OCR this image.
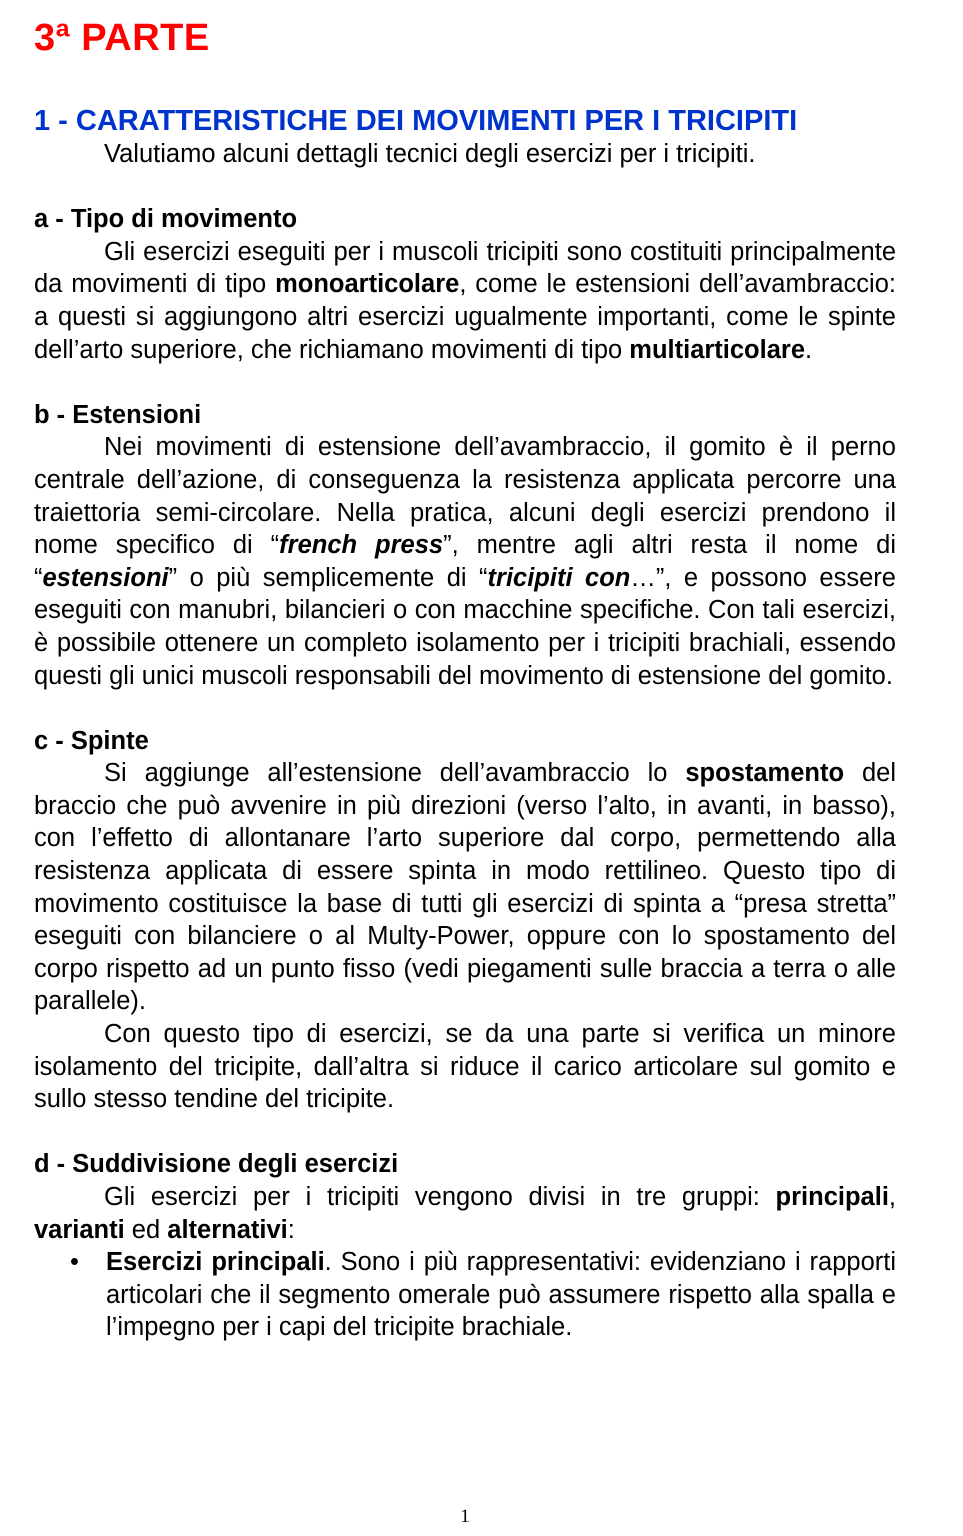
3ª PARTE
1 - CARATTERISTICHE DEI MOVIMENTI PER I TRICIPITI

Valutiamo alcuni dettagli tecnici degli esercizi per i tricipiti.

a - Tipo di movimento

Gli esercizi eseguiti per i muscoli tricipiti sono costituiti principalmente da movimenti di tipo monoarticolare, come le estensioni dell’avambraccio: a questi si aggiungono altri esercizi ugualmente importanti, come le spinte dell’arto superiore, che richiamano movimenti di tipo multiarticolare.

b - Estensioni

Nei movimenti di estensione dell’avambraccio, il gomito è il perno centrale dell’azione, di conseguenza la resistenza applicata percorre una traiettoria semi-circolare. Nella pratica, alcuni degli esercizi prendono il nome specifico di “french press”, mentre agli altri resta il nome di “estensioni” o più semplicemente di “tricipiti con…”, e possono essere eseguiti con manubri, bilancieri o con macchine specifiche. Con tali esercizi, è possibile ottenere un completo isolamento per i tricipiti brachiali, essendo questi gli unici muscoli responsabili del movimento di estensione del gomito.

c - Spinte

Si aggiunge all’estensione dell’avambraccio lo spostamento del braccio che può avvenire in più direzioni (verso l’alto, in avanti, in basso), con l’effetto di allontanare l’arto superiore dal corpo, permettendo alla resistenza applicata di essere spinta in modo rettilineo. Questo tipo di movimento costituisce la base di tutti gli esercizi di spinta a “presa stretta” eseguiti con bilanciere o al Multy-Power, oppure con lo spostamento del corpo rispetto ad un punto fisso (vedi piegamenti sulle braccia a terra o alle parallele).

Con questo tipo di esercizi, se da una parte si verifica un minore isolamento del tricipite, dall’altra si riduce il carico articolare sul gomito e sullo stesso tendine del tricipite.

d - Suddivisione degli esercizi

Gli esercizi per i tricipiti vengono divisi in tre gruppi: principali, varianti ed alternativi:

• Esercizi principali. Sono i più rappresentativi: evidenziano i rapporti articolari che il segmento omerale può assumere rispetto alla spalla e l’impegno per i capi del tricipite brachiale.

1
